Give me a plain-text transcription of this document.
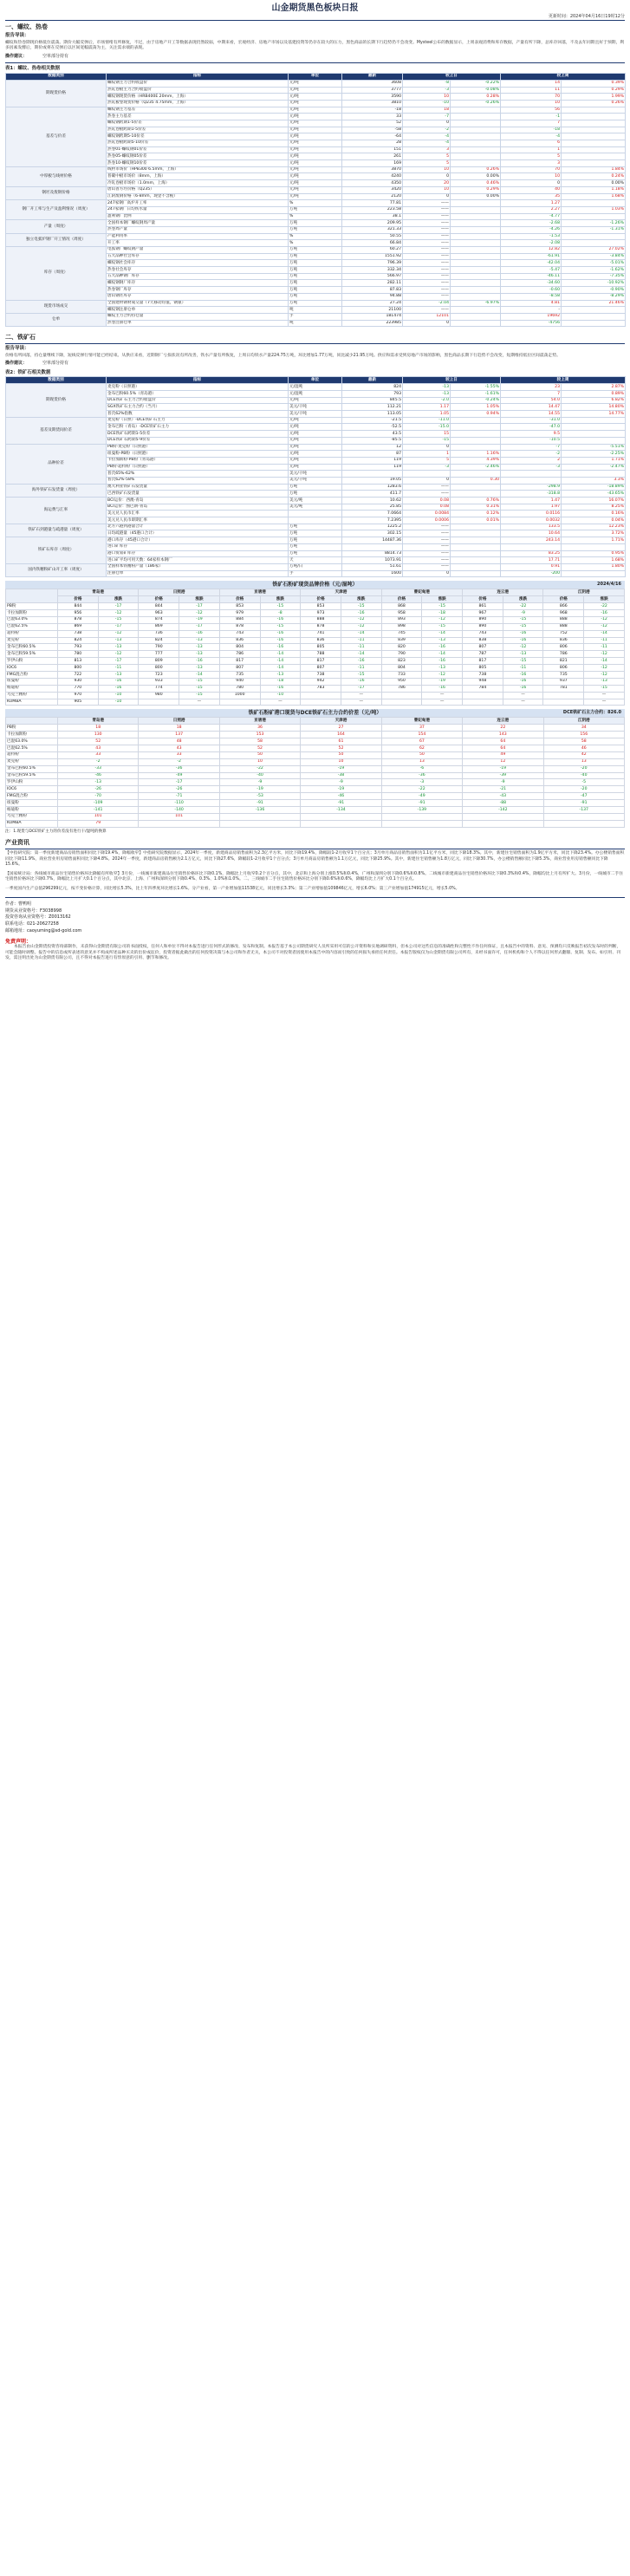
山金期货黑色板块日报
更新时间：2024年04月16日19时12分
一、螺纹、热卷
报告导读：
螺纹和热卷期现价格低位震荡。期价大幅反弹后，市场情绪有所修复，不过，由于房地产开工等数据表现仍然较弱，中期来看，宏观经济、房地产市场以及基建投资等仍存在较大的压力，黑色商品的长期下行趋势仍不会改变。Mysteel公布的数据显示，上周表观消费和库存数据，产量有所下降，总库存回落，不及去年同期且好于预期，利多因素发酵后，期价或将在反弹后以区间宽幅震荡为主，关注需求端的表现。
操作建议：	空单部分持有
表1：螺纹、热卷相关数据
数据类别	指标	单位	最新	较上日		较上周	
期现货价格	螺纹钢主力合约收盘价	元/吨	3608	-8	-0.22%	14	0.39%
	热轧卷板主力合约收盘价	元/吨	3777	-3	-0.08%	11	0.29%
	螺纹钢现货价格（HRB400E 20mm，上海）	元/吨	3590	10	0.28%	70	1.99%
	热轧板卷现货价格（Q235 4.75mm，上海）	元/吨	3810	-10	-0.26%	10	0.26%
基差与价差	螺纹钢主力基差	元/吨	-18	18		56	
	热卷主力基差	元/吨	33	-7		-1	
	螺纹钢跨期1-5价差	元/吨	52	0		7	
	热轧卷板跨期1-5价差	元/吨	-58	-2		-18	
	螺纹钢跨期5-10价差	元/吨	-64	-4		-4	
	热轧卷板跨期5-10价差	元/吨	28	-4		6	
	热卷01-螺纹钢01价差	元/吨	151	3		1	
	热卷05-螺纹钢05价差	元/吨	261	5		5	
	热卷10-螺纹钢10价差	元/吨	169	5		3	
中厚板与线材价格	线材市场价（HPB300 6.5mm，上海）	元/吨	3870	10	0.26%	70	1.84%
	普碳中板市场价（8mm，上海）	元/吨	4240	0	0.00%	10	0.24%
	冷轧卷板市场价（1.0mm，上海）	元/吨	4350	20	0.46%	0	0.00%
钢坯及废钢价格	唐山普方坯价格（Q235）	元/吨	3420	10	0.29%	40	1.18%
	江阴废钢价格（6-8mm，现金不含税）	元/吨	2120	0	0.00%	35	1.68%
钢厂开工率与生产及盈利情况（周度）	247家钢厂高炉开工率	%	77.81	——		1.27	
	247家钢厂日均铁水量	万吨	223.58	——		2.27	1.03%
	盈利钢厂比例	%	38.1	——		-4.77	
产量（周度）	全国样本钢厂螺纹钢周产量	万吨	209.95	——		-2.68	-1.26%
	热卷周产量	万吨	321.33	——		-4.26	-1.31%
独立电弧炉钢厂开工情况（周度）	产能利用率	%	50.55	——		-1.53	
	开工率	%	66.84	——		-2.08	
库存（周度）	电弧钢厂螺纹钢产量	万吨	60.27	——		12.82	27.02%
	五大品种社会库存	万吨	1551.92	——		-61.91	-3.84%
	螺纹钢社会库存	万吨	796.39	——		-42.04	-5.01%
	热卷社会库存	万吨	332.34	——		-5.47	-1.62%
	五大品种钢厂库存	万吨	566.97	——		-46.11	-7.35%
	螺纹钢钢厂库存	万吨	282.11	——		-34.60	-10.92%
	热卷钢厂库存	万吨	87.83	——		-0.60	-0.90%
	唐山钢坯库存	万吨	94.88	——		-8.58	-8.29%
现货市场成交	全国建材钢材成交量（7天移动均值，钢银）	万吨	27.24	-2.04	-6.97%	4.81	21.46%
	螺纹钢注册仓单	吨	21100	——		-	
仓单	螺纹主力合约持仓量	手	181474	12101		19692	
	热卷注册仓单	吨	223985	0		-4756	
二、铁矿石
报告导读：
价格有所回落，持仓量继续下降，短线反弹行情可能已经结束。从供应来看，近期钢厂亏损状况有所改善，铁水产量有所恢复，上周日均铁水产量224.75万吨，环比增加1.77万吨，同比减少21.95万吨。供应和需求受到房地产市场的影响，黑色商品长期下行趋势不会改变，短期维持低位区间震荡走势。
操作建议：	空单部分持有
表2：铁矿石相关数据
数据类别	指标	单位	最新	较上日		较上周	
期现货价格	麦克粉（日照港）	元/湿吨	824	-13	-1.55%	23	2.87%
	金布巴粉60.5%（青岛港）	元/湿吨	793	-13	-1.61%	7	0.89%
	DCE铁矿石主力合约收盘价	元/吨	845.5	-2.0	-0.24%	54.0	6.82%
	SGX铁矿石主力合约（当月）	美元/干吨	112.21	1.17	1.05%	14.47	14.80%
	普氏62%指数	美元/干吨	113.05	1.05	0.94%	14.55	14.77%
基差及期货间价差	麦克粉（日照）-DCE铁矿石主力	元/吨	-21.5	-11.0		-31.0	
	金布巴粉（青岛）-DCE铁矿石主力	元/吨	-52.5	-15.0		-47.0	
	DCE铁矿石跨期1-5价差	元/吨	43.5	15		9.5	
	DCE铁矿石跨期5-9价差	元/吨	-85.5	-15		-10.5	
品种价差	PB粉-麦克粉（日照港）	元/吨	12	0		-7	-5.51%
	纽曼粉-PB粉（日照港）	元/吨	87	1	1.16%	-2	-2.25%
	卡拉加斯粉-PB粉（青岛港）	元/吨	119	5	4.39%	2	1.71%
	PB粉-超特粉（日照港）	元/吨	119	-3	-2.46%	-3	-2.47%
	普氏65%-62%	美元/干吨					
	普氏62%-58%	美元/干吨	19.05	0	0.30		3.3%
海外铁矿石发货量（周度）	澳大利亚铁矿石发货量	万吨	1283.6	——		-298.9	-18.89%
	巴西铁矿石发货量	万吨	411.7	——		-318.8	-43.65%
海运费与汇率	BCI运价：西澳-青岛	美元/吨	10.62	0.08	0.76%	1.47	16.07%
	BCI运价：图巴朗-青岛	美元/吨	25.85	0.08	0.31%	1.97	8.25%
	美元兑人民币汇率		7.0664	0.0084	0.12%	0.0116	0.16%
	美元兑人民币即期汇率		7.2395	0.0006	0.01%	0.0032	0.04%
铁矿石到港量与疏港量（周度）	北方六港到港量合计	万吨	1225.2	——		133.5	12.23%
	日均疏港量（45港口合计）	万吨	302.15	——		10.64	3.72%
铁矿石库存（周度）	港口库存（45港口合计）	万吨	14487.36	——		243.14	1.71%
	进口矿库存	万吨		——			
	港口贸易矿库存	万吨	8814.73	——		83.25	0.95%
	进口矿平均可用天数：64家样本钢厂	天	1073.91	——		17.71	1.68%
国内铁精粉矿山开工率（周度）	全国样本铁精粉产量（186家）	万吨/日	51.61	——		0.91	1.80%
	注册仓单	手	1600	0		-200	
铁矿石粉矿现货品牌价格（元/湿吨）	2024/4/16
	青岛港		日照港		京唐港		天津港		曹妃甸港		连云港		江阴港	
	价格	涨跌	价格	涨跌	价格	涨跌	价格	涨跌	价格	涨跌	价格	涨跌	价格	涨跌
PB粉	844	-17	844	-17	853	-15	853	-15	868	-15	861	-22	866	-22
卡拉加斯粉	956	-12	963	-12	979	-8	973	-16	958	-18	967	-9	968	-16
巴混63.0%	878	-15	874	-19	884	-16	888	-12	893	-12	890	-15	888	-12
巴混62.5%	869	-17	869	-17	878	-15	878	-12	898	-15	890	-15	888	-12
超特粉	738	-12	736	-16	743	-16	741	-14	745	-14	743	-16	752	-14
麦克粉	824	-13	824	-13	836	-16	836	-11	839	-13	838	-16	836	-11
金布巴粉60.5%	793	-13	790	-13	804	-16	805	-11	820	-16	807	-12	806	-11
金布巴粉59.5%	780	-12	777	-13	786	-14	788	-14	790	-14	787	-13	786	-12
罗伊山粉	813	-17	809	-16	817	-14	817	-16	823	-16	817	-15	821	-14
IOC6	800	-11	800	-13	807	-14	807	-11	804	-13	805	-11	806	-12
FMG混合粉	722	-13	723	-14	735	-13	738	-15	733	-12	738	-16	735	-12
纽曼粉	930	-16	933	-15	940	-18	942	-16	950	-19	948	-16	937	-13
杨迪粉	770	-16	774	-15	780	-16	783	-17	786	-16	784	-16	781	-15
乌克兰精粉	970	-10	980	-15	1000	-10		—		—		—		—
KUMBA	905	-10		—		—		—		—		—		—
铁矿石粉矿港口现货与DCE铁矿石主力合约价差（元/吨）	DCE铁矿石主力合约：826.0
	青岛港	日照港	京唐港	天津港	曹妃甸港	连云港	江阴港
PB粉	18	18	36	27	37	22	34
卡拉加斯粉	130	137	153	164	154	143	156
巴混63.0%	52	48	58	61	67	64	58
巴混62.5%	43	43	52	52	62	64	46
超特粉	33	33	50	50	50	49	42
麦克粉	-2	-2	10	10	13	12	13
金布巴粉60.5%	-33	-36	-22	-19	-6	-19	-20
金布巴粉59.5%	-46	-49	-40	-38	-36	-39	-40
罗伊山粉	-13	-17	-9	-9	-3	-9	-5
IOC6	-26	-26	-19	-19	-22	-21	-20
FMG混合粉	-70	-71	-53	-46	-49	-43	-47
纽曼粉	-109	-110	-91	-91	-91	-88	-91
杨迪粉	-141	-140	-136	-134	-139	-142	-137
乌克兰精粉	101	101					
KUMBA	79						
注：1.现货与DCE铁矿主力的价差没有进行干/湿吨的换算
产业资讯
【中指研究院：第一季度新建商品房销售面积同比下降19.4%，降幅收窄】中指研究院数据显示，2024年一季度，新建商品房销售面积为2.3亿平方米，同比下降19.4%，降幅较1-2月收窄1个百分点；3月单月商品房销售面积为1.1亿平方米，同比下降18.3%。其中，新建住宅销售面积为1.9亿平方米，同比下降23.4%。办公楼销售面积同比下降11.9%，商业营业用房销售面积同比下降4.8%。2024年一季度，新建商品房销售额为2.1万亿元，同比下降27.6%，降幅较1-2月收窄1个百分点；3月单月商品房销售额为1.1万亿元，同比下降25.9%。其中，新建住宅销售额为1.8万亿元，同比下降30.7%，办公楼销售额同比下降5.3%，商业营业用房销售额同比下降15.6%。
【国家统计局：各线城市商品住宅销售价格环比降幅有所收窄】3月份，一线城市新建商品住宅销售价格环比下降0.1%，降幅比上月收窄0.2个百分点，其中，北京和上海分别上涨0.5%和0.4%，广州和深圳分别下降0.6%和0.8%。二线城市新建商品住宅销售价格环比下降0.3%和0.4%，降幅均比上月有所扩大。3月份，一线城市二手住宅销售价格环比下降0.7%，降幅比上月扩大0.1个百分点，其中北京、上海、广州和深圳分别下降0.4%、0.3%、1.0%和1.0%。二、三线城市二手住宅销售价格环比分别下降0.6%和0.6%，降幅均比上月扩大0.1个百分点。
一季度国内生产总值296299亿元，按不变价格计算，同比增长5.3%，比上年四季度环比增长1.6%。分产业看，第一产业增加值11538亿元，同比增长3.3%；第二产业增加值109846亿元，增长6.0%；第三产业增加值174915亿元，增长5.0%。
作者：曹鸭明
期货从业资格号：F3038998
投资咨询从业资格号：Z0013162
联系电话：021-20627258
邮箱地址：caoyuming@sd-gold.com
免责声明：
本报告由山金期货投资咨询部制作，未获得山金期货有限公司的书面授权，任何人和单位不得对本报告进行任何形式的修改、发布和复制。本报告基于本公司期货研究人员所采用可信的公开资料和实地调研资料，但本公司对这些信息的准确性和完整性不作任何保证，且本报告中的资料、意见、预测均只反映报告初次发布时的判断，可能会随时调整。报告中的信息或所表述的意见并不构成所述品种买卖的出价或征价，投资者据此做出的任何投资决策与本公司和作者无关，本公司不对投资者因使用本报告中的内容而引致的任何损失承担任何责任。本报告版权仅为山金期货有限公司所有，未经书面许可，任何机构和个人不得以任何形式翻版、复制、发布。如引用、刊发，需注明出处为山金期货有限公司，且不得对本报告进行有悖原意的引用、删节和修改。
